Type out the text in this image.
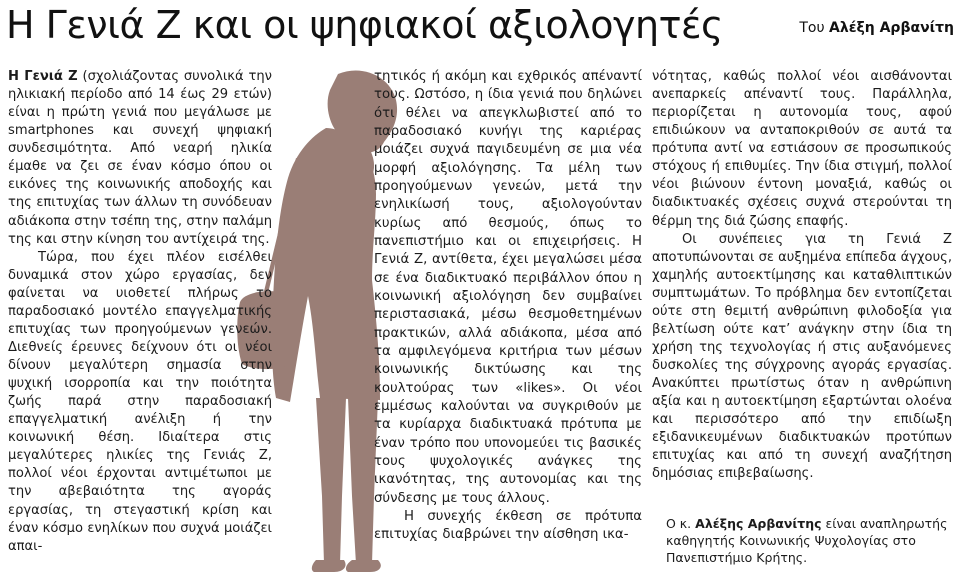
Η Γενιά Ζ και οι ψηφιακοί αξιολογητές	Του Αλέξη Αρβανίτη

Η Γενιά Ζ (σχολιάζοντας συνολικά την ηλικιακή περίοδο από 14 έως 29 ετών) είναι η πρώτη γενιά που μεγάλωσε με smartphones και συνεχή ψηφιακή συνδεσιμότητα. Από νεαρή ηλικία έμαθε να ζει σε έναν κόσμο όπου οι εικόνες της κοινωνικής αποδοχής και της επιτυχίας των άλλων τη συνόδευαν αδιάκοπα στην τσέπη της, στην παλάμη της και στην κίνηση του αντίχειρά της.

Τώρα, που έχει πλέον εισέλθει δυναμικά στον χώρο εργασίας, δεν φαίνεται να υιοθετεί πλήρως το παραδοσιακό μοντέλο επαγγελματικής επιτυχίας των προηγούμενων γενεών. Διεθνείς έρευνες δείχνουν ότι οι νέοι δίνουν μεγαλύτερη σημασία στην ψυχική ισορροπία και την ποιότητα ζωής παρά στην παραδοσιακή επαγγελματική ανέλιξη ή την κοινωνική θέση. Ιδιαίτερα στις μεγαλύτερες ηλικίες της Γενιάς Ζ, πολλοί νέοι έρχονται αντιμέτωποι με την αβεβαιότητα της αγοράς εργασίας, τη στεγαστική κρίση και έναν κόσμο ενηλίκων που συχνά μοιάζει απαι-

τητικός ή ακόμη και εχθρικός απέναντί τους. Ωστόσο, η ίδια γενιά που δηλώνει ότι θέλει να απεγκλωβιστεί από το παραδοσιακό κυνήγι της καριέρας μοιάζει συχνά παγιδευμένη σε μια νέα μορφή αξιολόγησης. Τα μέλη των προηγούμενων γενεών, μετά την ενηλικίωσή τους, αξιολογούνταν κυρίως από θεσμούς, όπως το πανεπιστήμιο και οι επιχειρήσεις. Η Γενιά Ζ, αντίθετα, έχει μεγαλώσει μέσα σε ένα διαδικτυακό περιβάλλον όπου η κοινωνική αξιολόγηση δεν συμβαίνει περιστασιακά, μέσω θεσμοθετημένων πρακτικών, αλλά αδιάκοπα, μέσα από τα αμφιλεγόμενα κριτήρια των μέσων κοινωνικής δικτύωσης και της κουλτούρας των «likes». Οι νέοι εμμέσως καλούνται να συγκριθούν με τα κυρίαρχα διαδικτυακά πρότυπα με έναν τρόπο που υπονομεύει τις βασικές τους ψυχολογικές ανάγκες της ικανότητας, της αυτονομίας και της σύνδεσης με τους άλλους.

Η συνεχής έκθεση σε πρότυπα επιτυχίας διαβρώνει την αίσθηση ικα-

νότητας, καθώς πολλοί νέοι αισθάνονται ανεπαρκείς απέναντί τους. Παράλληλα, περιορίζεται η αυτονομία τους, αφού επιδιώκουν να ανταποκριθούν σε αυτά τα πρότυπα αντί να εστιάσουν σε προσωπικούς στόχους ή επιθυμίες. Την ίδια στιγμή, πολλοί νέοι βιώνουν έντονη μοναξιά, καθώς οι διαδικτυακές σχέσεις συχνά στερούνται τη θέρμη της διά ζώσης επαφής.

Οι συνέπειες για τη Γενιά Ζ αποτυπώνονται σε αυξημένα επίπεδα άγχους, χαμηλής αυτοεκτίμησης και καταθλιπτικών συμπτωμάτων. Το πρόβλημα δεν εντοπίζεται ούτε στη θεμιτή ανθρώπινη φιλοδοξία για βελτίωση ούτε κατ’ ανάγκην στην ίδια τη χρήση της τεχνολογίας ή στις αυξανόμενες δυσκολίες της σύγχρονης αγοράς εργασίας. Ανακύπτει πρωτίστως όταν η ανθρώπινη αξία και η αυτοεκτίμηση εξαρτώνται ολοένα και περισσότερο από την επιδίωξη εξιδανικευμένων διαδικτυακών προτύπων επιτυχίας και από τη συνεχή αναζήτηση δημόσιας επιβεβαίωσης.

Ο κ. Αλέξης Αρβανίτης είναι αναπληρωτής καθηγητής Κοινωνικής Ψυχολογίας στο Πανεπιστήμιο Κρήτης.
